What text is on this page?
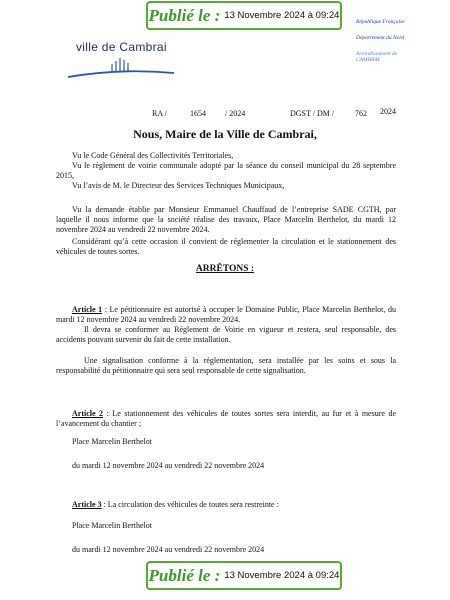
Publié le : 13 Novembre 2024 à 09:24
ville de Cambrai
République Française
Département du Nord
Arrondissement de
CAMBRAI
RA /	1654 / 2024	DGST / DM /	762 2024
Nous, Maire de la Ville de Cambrai,
Vu le Code Général des Collectivités Territoriales,
Vu le règlement de voirie communale adopté par la séance du conseil municipal du 28 septembre 2015,
Vu l’avis de M. le Directeur des Services Techniques Municipaux,
Vu la demande établie par Monsieur Emmanuel Chauffaud de l’entreprise SADE CGTH, par laquelle il nous informe que la société réalise des travaux, Place Marcelin Berthelot, du mardi 12 novembre 2024 au vendredi 22 novembre 2024.
Considérant qu’à cette occasion il convient de réglementer la circulation et le stationnement des véhicules de toutes sortes.
ARRÊTONS :
Article 1 : Le pétitionnaire est autorisé à occuper le Domaine Public, Place Marcelin Berthelot, du mardi 12 novembre 2024 au vendredi 22 novembre 2024.
Il devra se conformer au Règlement de Voirie en vigueur et restera, seul responsable, des accidents pouvant survenir du fait de cette installation.
Une signalisation conforme à la réglementation, sera installée par les soins et sous la responsabilité du pétitionnaire qui sera seul responsable de cette signalisation.
Article 2 : Le stationnement des véhicules de toutes sortes sera interdit, au fur et à mesure de l’avancement du chantier ;
Place Marcelin Berthelot
du mardi 12 novembre 2024 au vendredi 22 novembre 2024
Article 3 : La circulation des véhicules de toutes sera restreinte :
Place Marcelin Berthelot
du mardi 12 novembre 2024 au vendredi 22 novembre 2024
Publié le : 13 Novembre 2024 à 09:24
